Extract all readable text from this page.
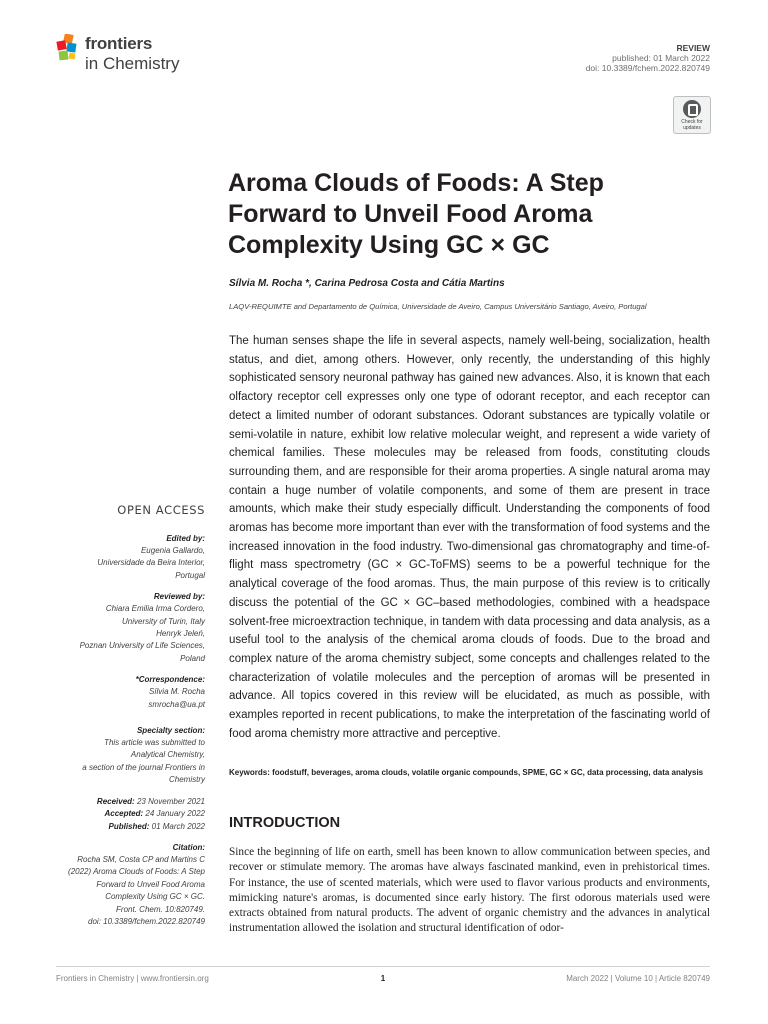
frontiers
in Chemistry
REVIEW
published: 01 March 2022
doi: 10.3389/fchem.2022.820749
Check for
updates
Aroma Clouds of Foods: A Step Forward to Unveil Food Aroma Complexity Using GC × GC
Sílvia M. Rocha *, Carina Pedrosa Costa and Cátia Martins
LAQV-REQUIMTE and Departamento de Química, Universidade de Aveiro, Campus Universitário Santiago, Aveiro, Portugal
The human senses shape the life in several aspects, namely well-being, socialization, health status, and diet, among others. However, only recently, the understanding of this highly sophisticated sensory neuronal pathway has gained new advances. Also, it is known that each olfactory receptor cell expresses only one type of odorant receptor, and each receptor can detect a limited number of odorant substances. Odorant substances are typically volatile or semi-volatile in nature, exhibit low relative molecular weight, and represent a wide variety of chemical families. These molecules may be released from foods, constituting clouds surrounding them, and are responsible for their aroma properties. A single natural aroma may contain a huge number of volatile components, and some of them are present in trace amounts, which make their study especially difficult. Understanding the components of food aromas has become more important than ever with the transformation of food systems and the increased innovation in the food industry. Two-dimensional gas chromatography and time-of-flight mass spectrometry (GC × GC-ToFMS) seems to be a powerful technique for the analytical coverage of the food aromas. Thus, the main purpose of this review is to critically discuss the potential of the GC × GC–based methodologies, combined with a headspace solvent-free microextraction technique, in tandem with data processing and data analysis, as a useful tool to the analysis of the chemical aroma clouds of foods. Due to the broad and complex nature of the aroma chemistry subject, some concepts and challenges related to the characterization of volatile molecules and the perception of aromas will be presented in advance. All topics covered in this review will be elucidated, as much as possible, with examples reported in recent publications, to make the interpretation of the fascinating world of food aroma chemistry more attractive and perceptive.
Keywords: foodstuff, beverages, aroma clouds, volatile organic compounds, SPME, GC × GC, data processing, data analysis
INTRODUCTION
Since the beginning of life on earth, smell has been known to allow communication between species, and recover or stimulate memory. The aromas have always fascinated mankind, even in prehistorical times. For instance, the use of scented materials, which were used to flavor various products and environments, mimicking nature's aromas, is documented since early history. The first odorous materials used were extracts obtained from natural products. The advent of organic chemistry and the advances in analytical instrumentation allowed the isolation and structural identification of odor-
OPEN ACCESS
Edited by:
Eugenia Gallardo,
Universidade da Beira Interior,
Portugal
Reviewed by:
Chiara Emilia Irma Cordero,
University of Turin, Italy
Henryk Jeleń,
Poznan University of Life Sciences,
Poland
*Correspondence:
Sílvia M. Rocha
smrocha@ua.pt
Specialty section:
This article was submitted to
Analytical Chemistry,
a section of the journal Frontiers in
Chemistry
Received: 23 November 2021
Accepted: 24 January 2022
Published: 01 March 2022
Citation:
Rocha SM, Costa CP and Martins C
(2022) Aroma Clouds of Foods: A Step
Forward to Unveil Food Aroma
Complexity Using GC × GC.
Front. Chem. 10:820749.
doi: 10.3389/fchem.2022.820749
Frontiers in Chemistry | www.frontiersin.org	1	March 2022 | Volume 10 | Article 820749
